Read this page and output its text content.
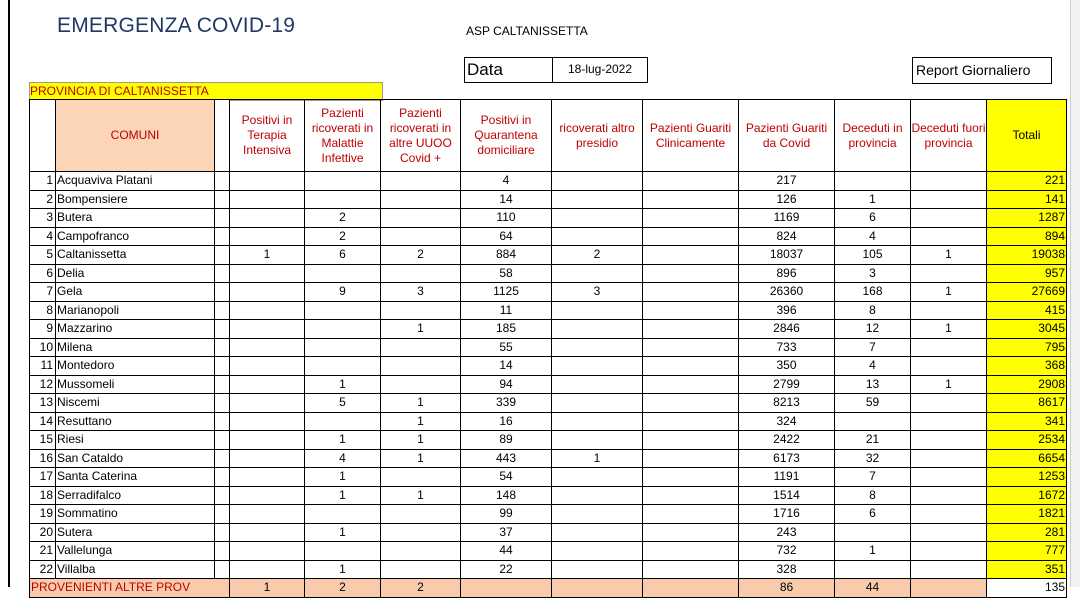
EMERGENZA COVID-19	ASP CALTANISSETTA
Data	18-lug-2022	Report Giornaliero
PROVINCIA DI CALTANISSETTA
	COMUNI		Positivi in Terapia Intensiva	Pazienti ricoverati in Malattie Infettive	Pazienti ricoverati in altre UUOO Covid +	Positivi in Quarantena domiciliare	ricoverati altro presidio	Pazienti Guariti Clinicamente	Pazienti Guariti da Covid	Deceduti in provincia	Deceduti fuori provincia	Totali
1	Acquaviva Platani					4			217			221
2	Bompensiere					14			126	1		141
3	Butera			2		110			1169	6		1287
4	Campofranco			2		64			824	4		894
5	Caltanissetta		1	6	2	884	2		18037	105	1	19038
6	Delia					58			896	3		957
7	Gela			9	3	1125	3		26360	168	1	27669
8	Marianopoli					11			396	8		415
9	Mazzarino				1	185			2846	12	1	3045
10	Milena					55			733	7		795
11	Montedoro					14			350	4		368
12	Mussomeli			1		94			2799	13	1	2908
13	Niscemi			5	1	339			8213	59		8617
14	Resuttano				1	16			324			341
15	Riesi			1	1	89			2422	21		2534
16	San Cataldo			4	1	443	1		6173	32		6654
17	Santa Caterina			1		54			1191	7		1253
18	Serradifalco			1	1	148			1514	8		1672
19	Sommatino					99			1716	6		1821
20	Sutera			1		37			243			281
21	Vallelunga					44			732	1		777
22	Villalba			1		22			328			351
PROVENIENTI ALTRE PROV			1	2	2				86	44		135
